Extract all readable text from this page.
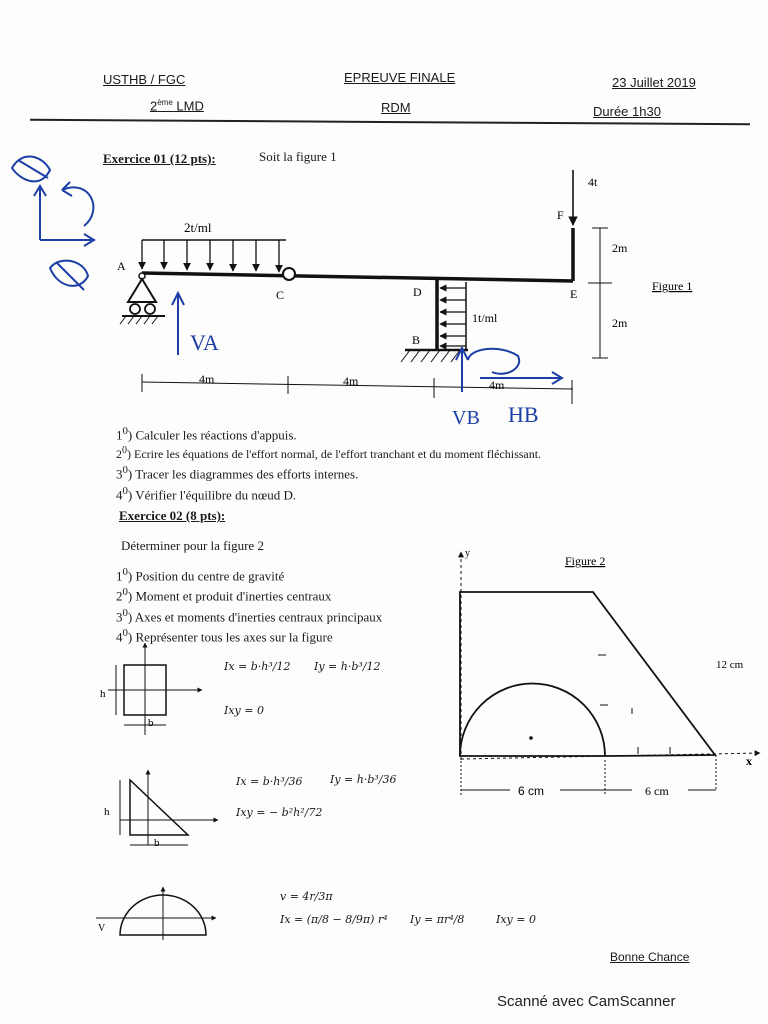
USTHB / FGC	EPREUVE FINALE	23 Juillet 2019
2ème LMD	RDM	Durée 1h30
Exercice 01 (12 pts):	Soit la figure 1
A
C	D
B
E
F
2t/ml
1t/ml
4t
2m
2m
4m	4m	4m
Figure 1
VA
VB HB
$1^0$) Calculer les réactions d'appuis.
$2^0$) Ecrire les équations de l'effort normal, de l'effort tranchant et du moment fléchissant.
$3^0$) Tracer les diagrammes des efforts internes.
$4^0$) Vérifier l'équilibre du nœud D.
Exercice 02 (8 pts):
Déterminer pour la figure 2
$1^0$) Position du centre de gravité
$2^0$) Moment et produit d'inerties centraux
$3^0$) Axes et moments d'inerties centraux principaux
$4^0$) Représenter tous les axes sur la figure
6 cm	6 cm
12 cm
x
y
Figure 2
h
b
h
b
V
Ix = b·h³/12 Iy = h·b³/12
Ixy = 0
Ix = b·h³/36	Iy = h·b³/36
Ixy = − b²h²/72
v = 4r/3π
Ix = (π/8 − 8/9π) r⁴ Iy = πr⁴/8	Ixy = 0
Bonne Chance
Scanné avec CamScanner
